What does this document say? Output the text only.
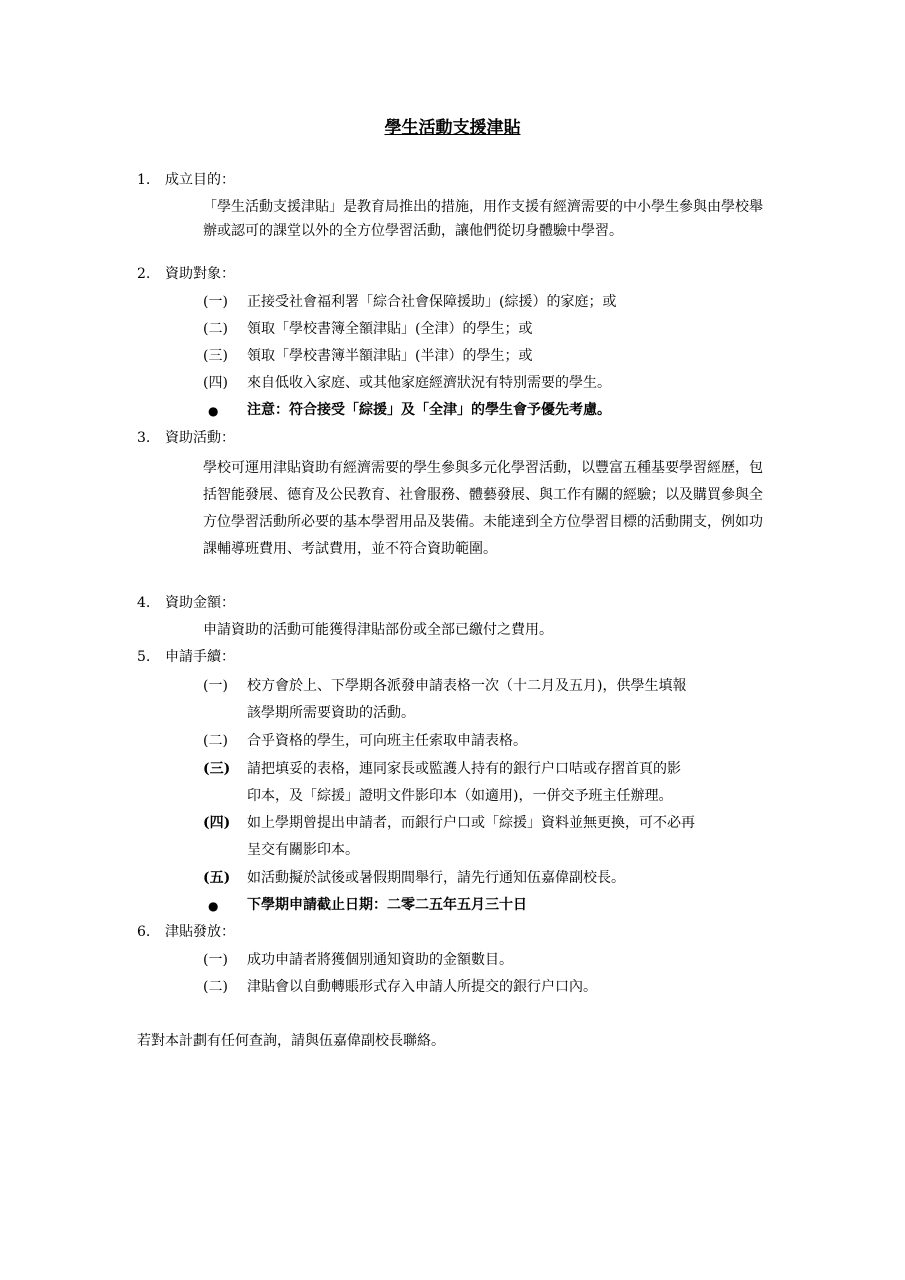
學生活動支援津貼
1. 成立目的：
「學生活動支援津貼」是教育局推出的措施，用作支援有經濟需要的中小學生參與由學校舉辦或認可的課堂以外的全方位學習活動，讓他們從切身體驗中學習。
2. 資助對象：
(一) 正接受社會福利署「綜合社會保障援助」(綜援）的家庭；或
(二) 領取「學校書簿全額津貼」(全津）的學生；或
(三) 領取「學校書簿半額津貼」(半津）的學生；或
(四) 來自低收入家庭、或其他家庭經濟狀況有特別需要的學生。
● 注意：符合接受「綜援」及「全津」的學生會予優先考慮。
3. 資助活動：
學校可運用津貼資助有經濟需要的學生參與多元化學習活動，以豐富五種基要學習經歷，包括智能發展、德育及公民教育、社會服務、體藝發展、與工作有關的經驗；以及購買參與全方位學習活動所必要的基本學習用品及裝備。未能達到全方位學習目標的活動開支，例如功課輔導班費用、考試費用，並不符合資助範圍。
4. 資助金額：
申請資助的活動可能獲得津貼部份或全部已繳付之費用。
5. 申請手續：
(一) 校方會於上、下學期各派發申請表格一次（十二月及五月)，供學生填報
該學期所需要資助的活動。
(二) 合乎資格的學生，可向班主任索取申請表格。
(三) 請把填妥的表格，連同家長或監護人持有的銀行户口咭或存摺首頁的影
印本，及「綜援」證明文件影印本（如適用)，一併交予班主任辦理。
(四) 如上學期曾提出申請者，而銀行户口或「綜援」資料並無更換，可不必再
呈交有關影印本。
(五) 如活動擬於試後或暑假期間舉行，請先行通知伍嘉偉副校長。
● 下學期申請截止日期：二零二五年五月三十日
6. 津貼發放：
(一) 成功申請者將獲個別通知資助的金額數目。
(二) 津貼會以自動轉賬形式存入申請人所提交的銀行户口內。
若對本計劃有任何查詢，請與伍嘉偉副校長聯絡。
